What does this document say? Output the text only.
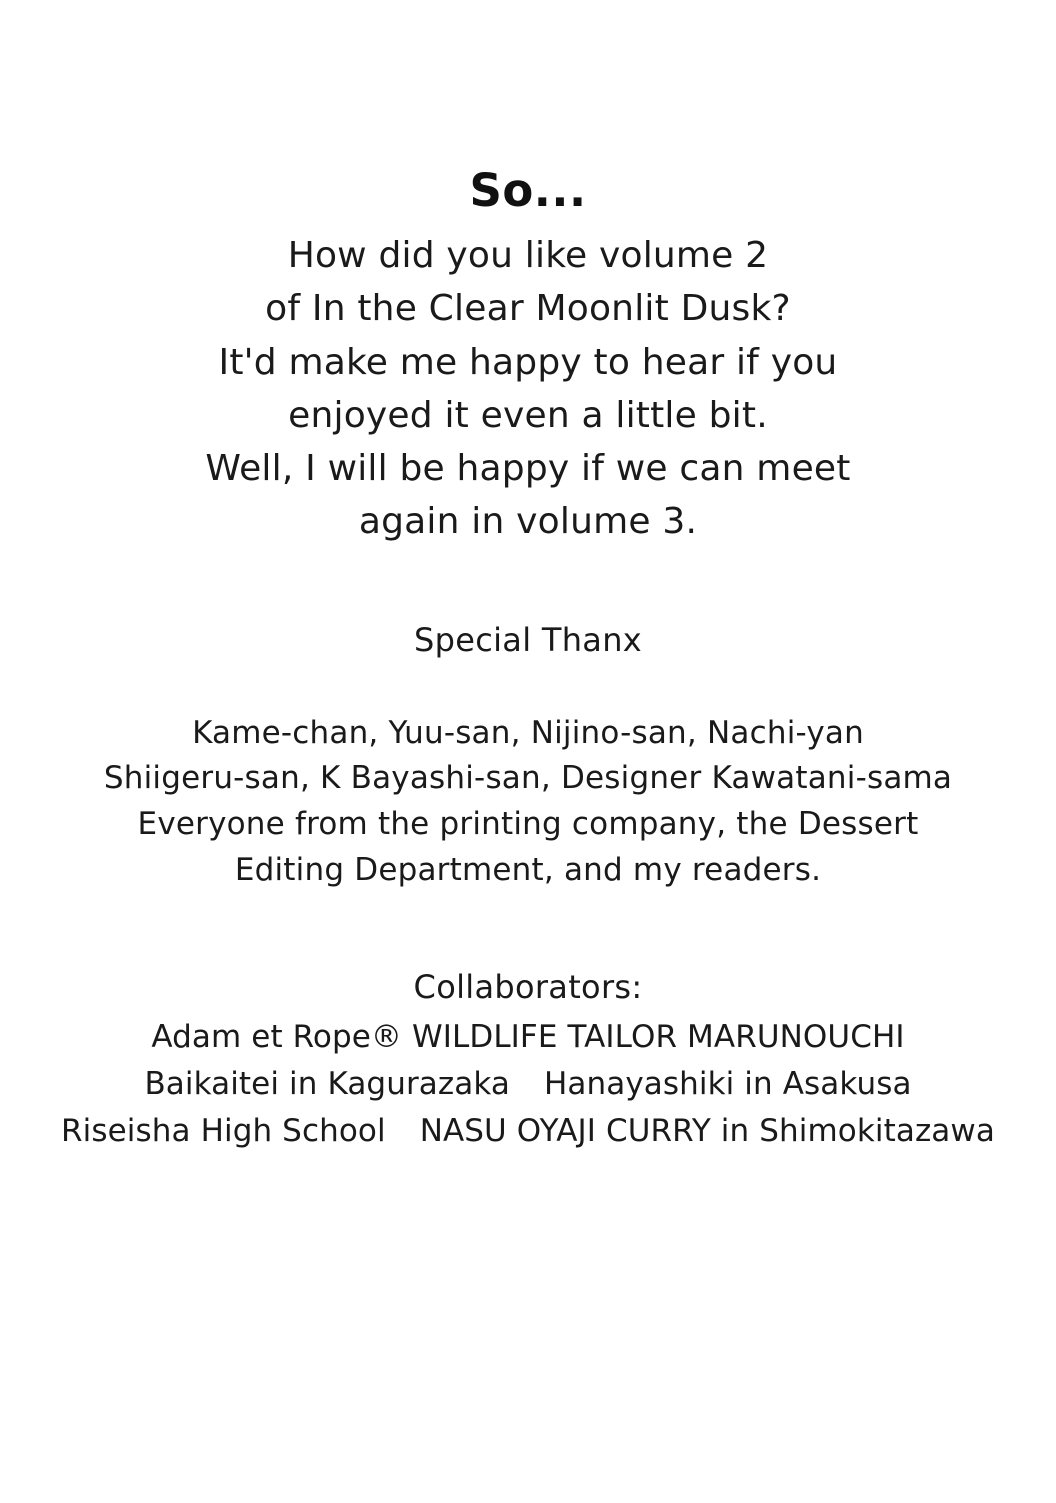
So...
How did you like volume 2
of In the Clear Moonlit Dusk?
It'd make me happy to hear if you
enjoyed it even a little bit.
Well, I will be happy if we can meet
again in volume 3.
Special Thanx
Kame-chan, Yuu-san, Nijino-san, Nachi-yan
Shiigeru-san, K Bayashi-san, Designer Kawatani-sama
Everyone from the printing company, the Dessert
Editing Department, and my readers.
Collaborators:
Adam et Rope® WILDLIFE TAILOR MARUNOUCHI
Baikaitei in Kagurazaka Hanayashiki in Asakusa
Riseisha High School NASU OYAJI CURRY in Shimokitazawa
